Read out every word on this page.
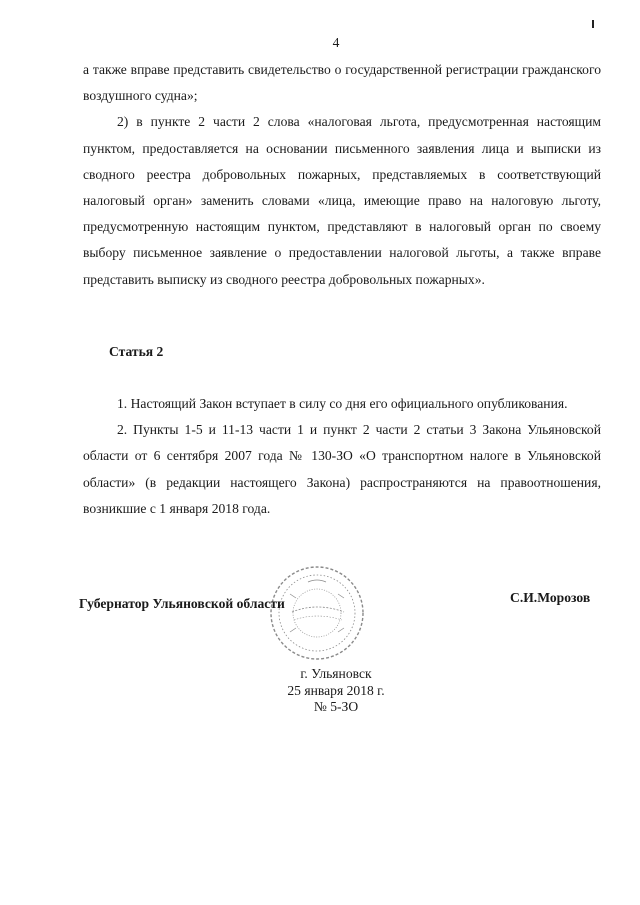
4

а также вправе представить свидетельство о государственной регистрации гражданского воздушного судна»;

2) в пункте 2 части 2 слова «налоговая льгота, предусмотренная настоящим пунктом, предоставляется на основании письменного заявления лица и выписки из сводного реестра добровольных пожарных, представляемых в соответствующий налоговый орган» заменить словами «лица, имеющие право на налоговую льготу, предусмотренную настоящим пунктом, представляют в налоговый орган по своему выбору письменное заявление о предоставлении налоговой льготы, а также вправе представить выписку из сводного реестра добровольных пожарных».

Статья 2

1. Настоящий Закон вступает в силу со дня его официального опубликования.

2. Пункты 1-5 и 11-13 части 1 и пункт 2 части 2 статьи 3 Закона Ульяновской области от 6 сентября 2007 года № 130-ЗО «О транспортном налоге в Ульяновской области» (в редакции настоящего Закона) распространяются на правоотношения, возникшие с 1 января 2018 года.

Губернатор Ульяновской области	С.И.Морозов
г. Ульяновск
25 января 2018 г.
№ 5-ЗО
